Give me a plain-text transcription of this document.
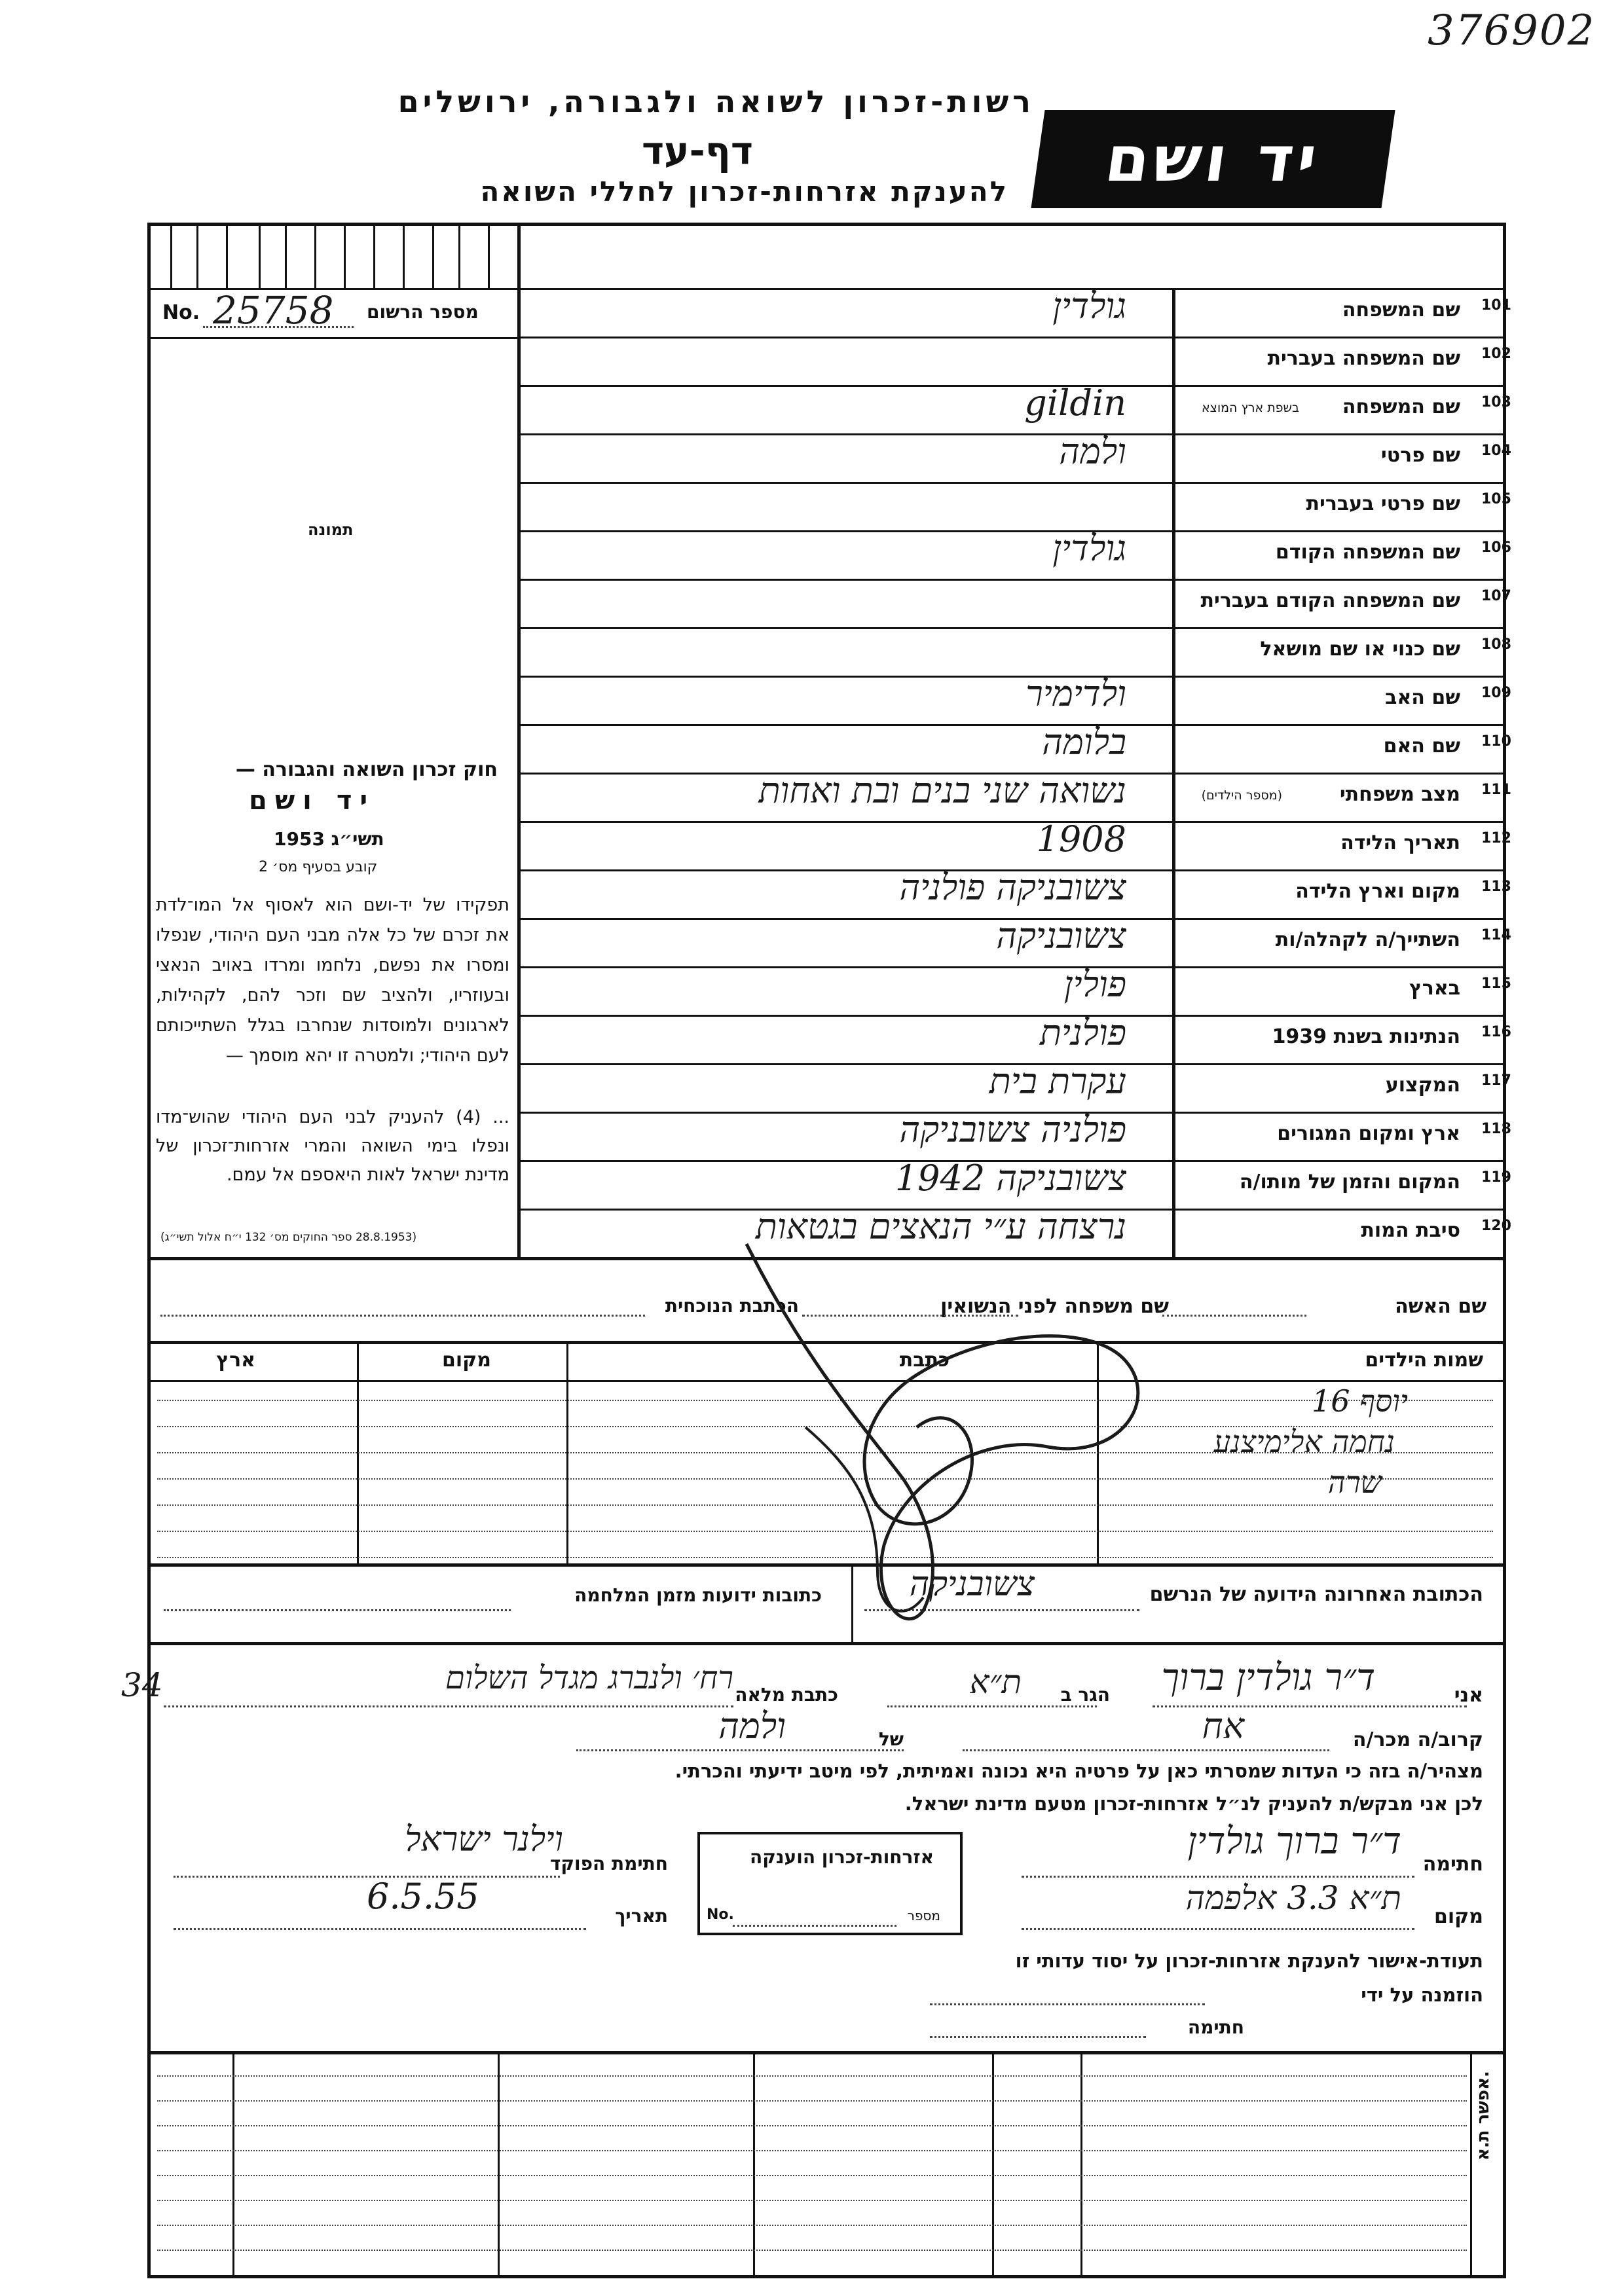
376902
רשות-זכרון לשואה ולגבורה, ירושלים
דף-עד
להענקת אזרחות-זכרון לחללי השואה יד ושם
No. 25758 מספר הרשום
תמונה
חוק זכרון השואה והגבורה —
יד ושם
תשי״ג 1953
קובע בסעיף מס׳ 2
תפקידו של יד-ושם הוא לאסוף אל המו־לדת את זכרם של כל אלה מבני העם היהודי, שנפלו ומסרו את נפשם, נלחמו ומרדו באויב הנאצי ובעוזריו, ולהציב שם וזכר להם, לקהילות, לארגונים ולמוסדות שנחרבו בגלל השתייכותם לעם היהודי; ולמטרה זו יהא מוסמך —
... (4) להעניק לבני העם היהודי שהוש־מדו ונפלו בימי השואה והמרי אזרחות־זכרון של מדינת ישראל לאות היאספם אל עמם.
(28.8.1953 ספר החוקים מס׳ 132 י״ח אלול תשי״ג)
101
שם המשפחה
גולדין
102
שם המשפחה בעברית
103
שם המשפחה
בשפת ארץ המוצא
gildin
104
שם פרטי
ולמה
105
שם פרטי בעברית
106
שם המשפחה הקודם
גולדין
107
שם המשפחה הקודם בעברית
108
שם כנוי או שם מושאל
109
שם האב
ולדימיר
110
שם האם
בלומה
111
מצב משפחתי
(מספר הילדים)
נשואה שני בנים ובת ואחות
112
תאריך הלידה
1908
113
מקום וארץ הלידה
צשובניקה פולניה
114
השתייך/ה לקהלה/ות
צשובניקה
115
בארץ
פולין
116
הנתינות בשנת 1939
פולנית
117
המקצוע
עקרת בית
118
ארץ ומקום המגורים
פולניה צשובניקה
119
המקום והזמן של מותו/ה
צשובניקה 1942
120
סיבת המות
נרצחה ע״י הנאצים בגטאות
שם האשה
שם משפחה לפני הנשואין
הכתבת הנוכחית
שמות הילדים
כתבת
מקום
ארץ
יוסף 16
נחמה אלימיצנע
שרה
הכתובת האחרונה הידועה של הנרשם
צשובניקה
כתובות ידועות מזמן המלחמה
34	אני
ד״ר גולדין ברוך
הגר ב
ת״א
כתבת מלאה
רח׳ ולנברג מגדל השלום
קרוב/ה מכר/ה
אח
של
ולמה
מצהיר/ה בזה כי העדות שמסרתי כאן על פרטיה היא נכונה ואמיתית, לפי מיטב ידיעתי והכרתי.
לכן אני מבקש/ת להעניק לנ״ל אזרחות-זכרון מטעם מדינת ישראל.
חתימה
ד״ר ברוך גולדין
מקום
ת״א 3.3 אלפמה
אזרחות-זכרון הוענקה
No.	מספר
חתימת הפוקד
וילנר ישראל
תאריך
6.5.55
תעודת-אישור להענקת אזרחות-זכרון על יסוד עדותי זו
הוזמנה על ידי
חתימה
אפשר ת.א.
